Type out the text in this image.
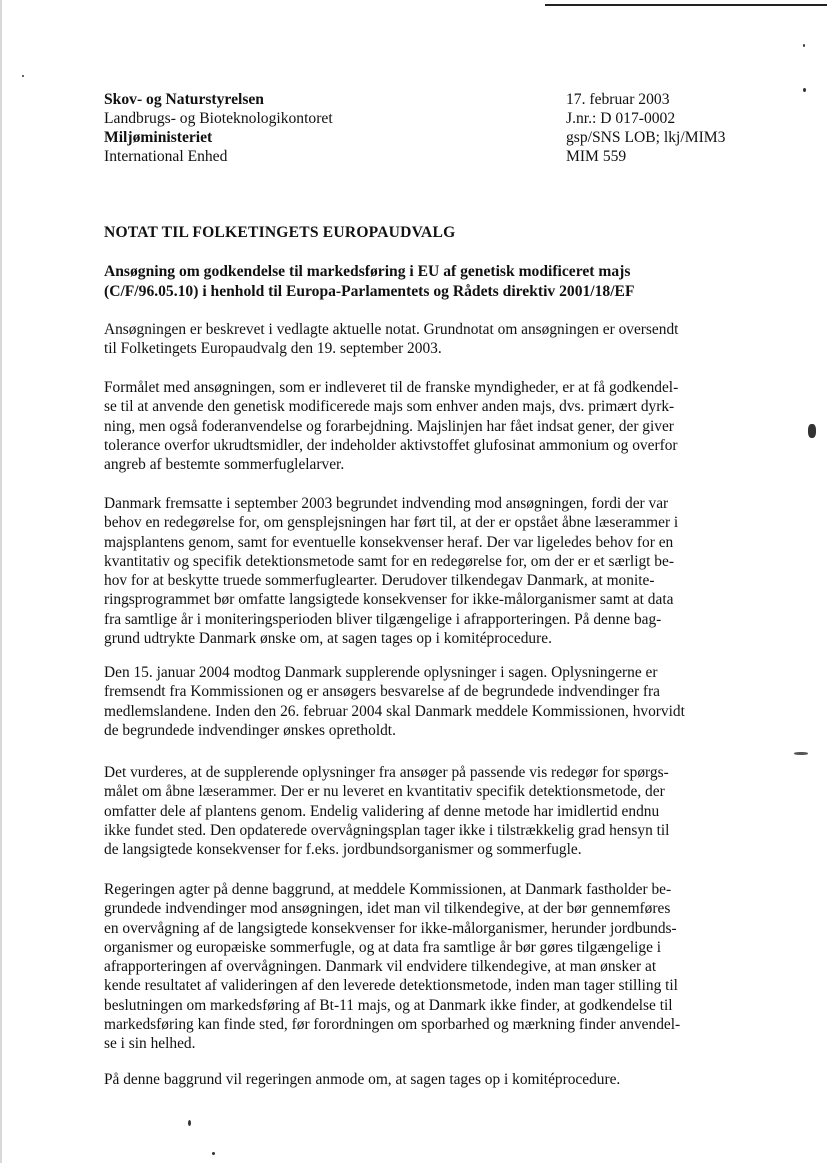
Skov- og Naturstyrelsen
Landbrugs- og Bioteknologikontoret
Miljøministeriet
International Enhed
17. februar 2003
J.nr.: D 017-0002
gsp/SNS LOB; lkj/MIM3
MIM 559
NOTAT TIL FOLKETINGETS EUROPAUDVALG
Ansøgning om godkendelse til markedsføring i EU af genetisk modificeret majs
(C/F/96.05.10) i henhold til Europa-Parlamentets og Rådets direktiv 2001/18/EF
Ansøgningen er beskrevet i vedlagte aktuelle notat. Grundnotat om ansøgningen er oversendt
til Folketingets Europaudvalg den 19. september 2003.
Formålet med ansøgningen, som er indleveret til de franske myndigheder, er at få godkendel-
se til at anvende den genetisk modificerede majs som enhver anden majs, dvs. primært dyrk-
ning, men også foderanvendelse og forarbejdning. Majslinjen har fået indsat gener, der giver
tolerance overfor ukrudtsmidler, der indeholder aktivstoffet glufosinat ammonium og overfor
angreb af bestemte sommerfuglelarver.
Danmark fremsatte i september 2003 begrundet indvending mod ansøgningen, fordi der var
behov en redegørelse for, om gensplejsningen har ført til, at der er opstået åbne læserammer i
majsplantens genom, samt for eventuelle konsekvenser heraf. Der var ligeledes behov for en
kvantitativ og specifik detektionsmetode samt for en redegørelse for, om der er et særligt be-
hov for at beskytte truede sommerfuglearter. Derudover tilkendegav Danmark, at monite-
ringsprogrammet bør omfatte langsigtede konsekvenser for ikke-målorganismer samt at data
fra samtlige år i moniteringsperioden bliver tilgængelige i afrapporteringen. På denne bag-
grund udtrykte Danmark ønske om, at sagen tages op i komitéprocedure.
Den 15. januar 2004 modtog Danmark supplerende oplysninger i sagen. Oplysningerne er
fremsendt fra Kommissionen og er ansøgers besvarelse af de begrundede indvendinger fra
medlemslandene. Inden den 26. februar 2004 skal Danmark meddele Kommissionen, hvorvidt
de begrundede indvendinger ønskes opretholdt.
Det vurderes, at de supplerende oplysninger fra ansøger på passende vis redegør for spørgs-
målet om åbne læserammer. Der er nu leveret en kvantitativ specifik detektionsmetode, der
omfatter dele af plantens genom. Endelig validering af denne metode har imidlertid endnu
ikke fundet sted. Den opdaterede overvågningsplan tager ikke i tilstrækkelig grad hensyn til
de langsigtede konsekvenser for f.eks. jordbundsorganismer og sommerfugle.
Regeringen agter på denne baggrund, at meddele Kommissionen, at Danmark fastholder be-
grundede indvendinger mod ansøgningen, idet man vil tilkendegive, at der bør gennemføres
en overvågning af de langsigtede konsekvenser for ikke-målorganismer, herunder jordbunds-
organismer og europæiske sommerfugle, og at data fra samtlige år bør gøres tilgængelige i
afrapporteringen af overvågningen. Danmark vil endvidere tilkendegive, at man ønsker at
kende resultatet af valideringen af den leverede detektionsmetode, inden man tager stilling til
beslutningen om markedsføring af Bt-11 majs, og at Danmark ikke finder, at godkendelse til
markedsføring kan finde sted, før forordningen om sporbarhed og mærkning finder anvendel-
se i sin helhed.
På denne baggrund vil regeringen anmode om, at sagen tages op i komitéprocedure.
